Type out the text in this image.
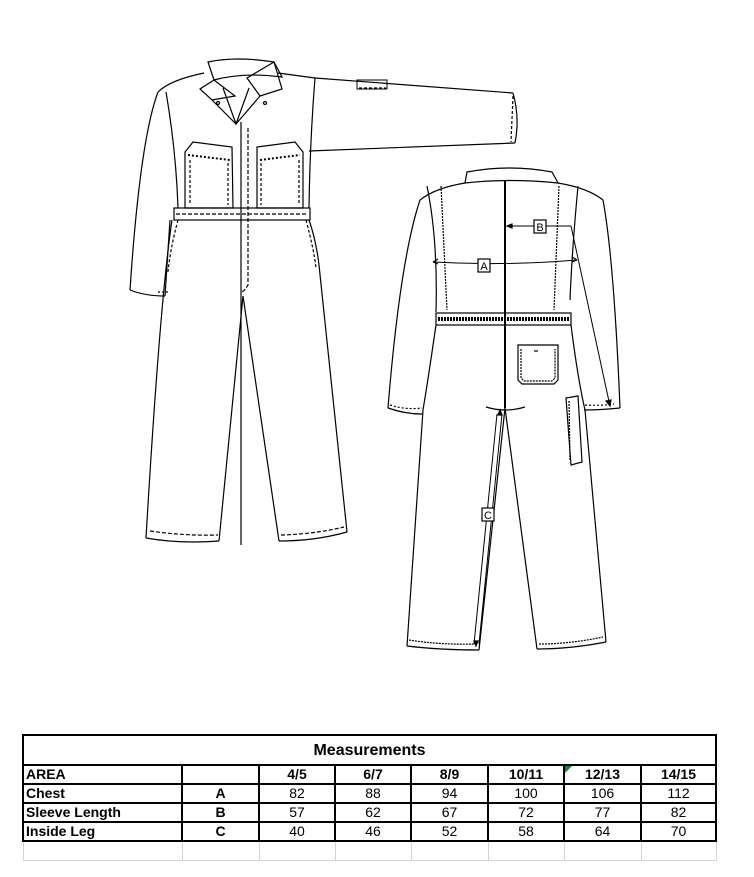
A
B
C
Measurements							
AREA		4/5	6/7	8/9	10/11	12/13	14/15
Chest	A	82	88	94	100	106	112
Sleeve Length	B	57	62	67	72	77	82
Inside Leg	C	40	46	52	58	64	70
